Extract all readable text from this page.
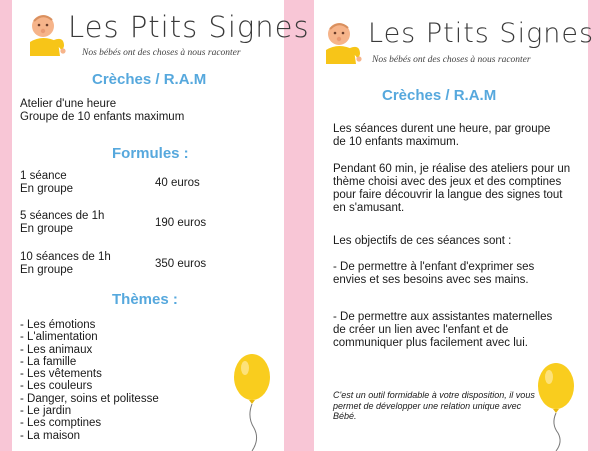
Les Ptits Signes
Nos bébés ont des choses à nous raconter
Crèches / R.A.M
Atelier d'une heure
Groupe de 10 enfants maximum
Formules :
1 séance
En groupe	40 euros
5 séances de 1h
En groupe	190 euros
10 séances de 1h
En groupe	350 euros
Thèmes :
- Les émotions
- L'alimentation
- Les animaux
- La famille
- Les vêtements
- Les couleurs
- Danger, soins et politesse
- Le jardin
- Les comptines
- La maison
Les Ptits Signes
Nos bébés ont des choses à nous raconter
Crèches / R.A.M
Les séances durent une heure, par groupe de 10 enfants maximum.
Pendant 60 min, je réalise des ateliers pour un thème choisi avec des jeux et des comptines pour faire découvrir la langue des signes tout en s'amusant.
Les objectifs de ces séances sont :
- De permettre à l'enfant d'exprimer ses envies et ses besoins avec ses mains.
- De permettre aux assistantes maternelles de créer un lien avec l'enfant et de communiquer plus facilement avec lui.
C'est un outil formidable à votre disposition, il vous permet de développer une relation unique avec Bébé.
